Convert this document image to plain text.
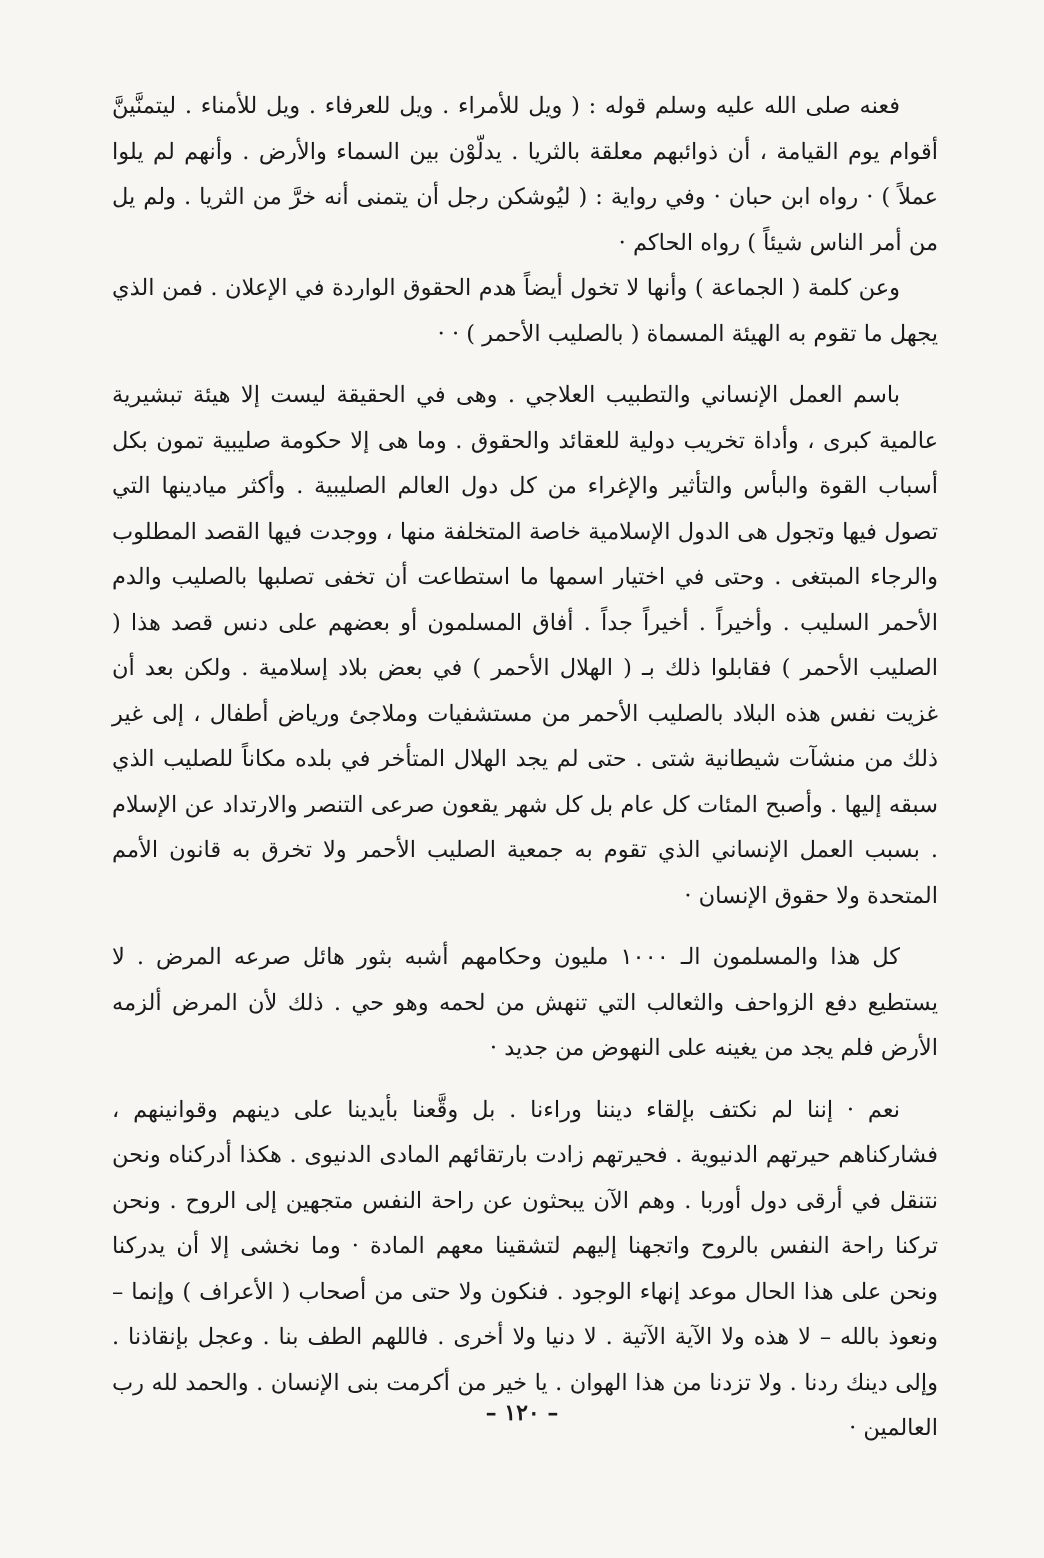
فعنه صلى الله عليه وسلم قوله : ( ويل للأمراء . ويل للعرفاء . ويل للأمناء . ليتمنَّينَّ أقوام يوم القيامة ، أن ذوائبهم معلقة بالثريا . يدلّوْن بين السماء والأرض . وأنهم لم يلوا عملاً ) · رواه ابن حبان · وفي رواية : ( ليُوشكن رجل أن يتمنى أنه خرَّ من الثريا . ولم يل من أمر الناس شيئاً ) رواه الحاكم ·

وعن كلمة ( الجماعة ) وأنها لا تخول أيضاً هدم الحقوق الواردة في الإعلان . فمن الذي يجهل ما تقوم به الهيئة المسماة ( بالصليب الأحمر ) · ·

باسم العمل الإنساني والتطبيب العلاجي . وهى في الحقيقة ليست إلا هيئة تبشيرية عالمية كبرى ، وأداة تخريب دولية للعقائد والحقوق . وما هى إلا حكومة صليبية تمون بكل أسباب القوة والبأس والتأثير والإغراء من كل دول العالم الصليبية . وأكثر ميادينها التي تصول فيها وتجول هى الدول الإسلامية خاصة المتخلفة منها ، ووجدت فيها القصد المطلوب والرجاء المبتغى . وحتى في اختيار اسمها ما استطاعت أن تخفى تصلبها بالصليب والدم الأحمر السليب . وأخيراً . أخيراً جداً . أفاق المسلمون أو بعضهم على دنس قصد هذا ( الصليب الأحمر ) فقابلوا ذلك بـ ( الهلال الأحمر ) في بعض بلاد إسلامية . ولكن بعد أن غزيت نفس هذه البلاد بالصليب الأحمر من مستشفيات وملاجئ ورياض أطفال ، إلى غير ذلك من منشآت شيطانية شتى . حتى لم يجد الهلال المتأخر في بلده مكاناً للصليب الذي سبقه إليها . وأصبح المئات كل عام بل كل شهر يقعون صرعى التنصر والارتداد عن الإسلام . بسبب العمل الإنساني الذي تقوم به جمعية الصليب الأحمر ولا تخرق به قانون الأمم المتحدة ولا حقوق الإنسان ·

كل هذا والمسلمون الـ ١٠٠٠ مليون وحكامهم أشبه بثور هائل صرعه المرض . لا يستطيع دفع الزواحف والثعالب التي تنهش من لحمه وهو حي . ذلك لأن المرض ألزمه الأرض فلم يجد من يغينه على النهوض من جديد ·

نعم · إننا لم نكتف بإلقاء ديننا وراءنا . بل وقَّعنا بأيدينا على دينهم وقوانينهم ، فشاركناهم حيرتهم الدنيوية . فحيرتهم زادت بارتقائهم المادى الدنيوى . هكذا أدركناه ونحن نتنقل في أرقى دول أوربا . وهم الآن يبحثون عن راحة النفس متجهين إلى الروح . ونحن تركنا راحة النفس بالروح واتجهنا إليهم لتشقينا معهم المادة · وما نخشى إلا أن يدركنا ونحن على هذا الحال موعد إنهاء الوجود . فنكون ولا حتى من أصحاب ( الأعراف ) وإنما – ونعوذ بالله – لا هذه ولا الآية الآتية . لا دنيا ولا أخرى . فاللهم الطف بنا . وعجل بإنقاذنا . وإلى دينك ردنا . ولا تزدنا من هذا الهوان . يا خير من أكرمت بنى الإنسان . والحمد لله رب العالمين ·

– ١٢٠ –
